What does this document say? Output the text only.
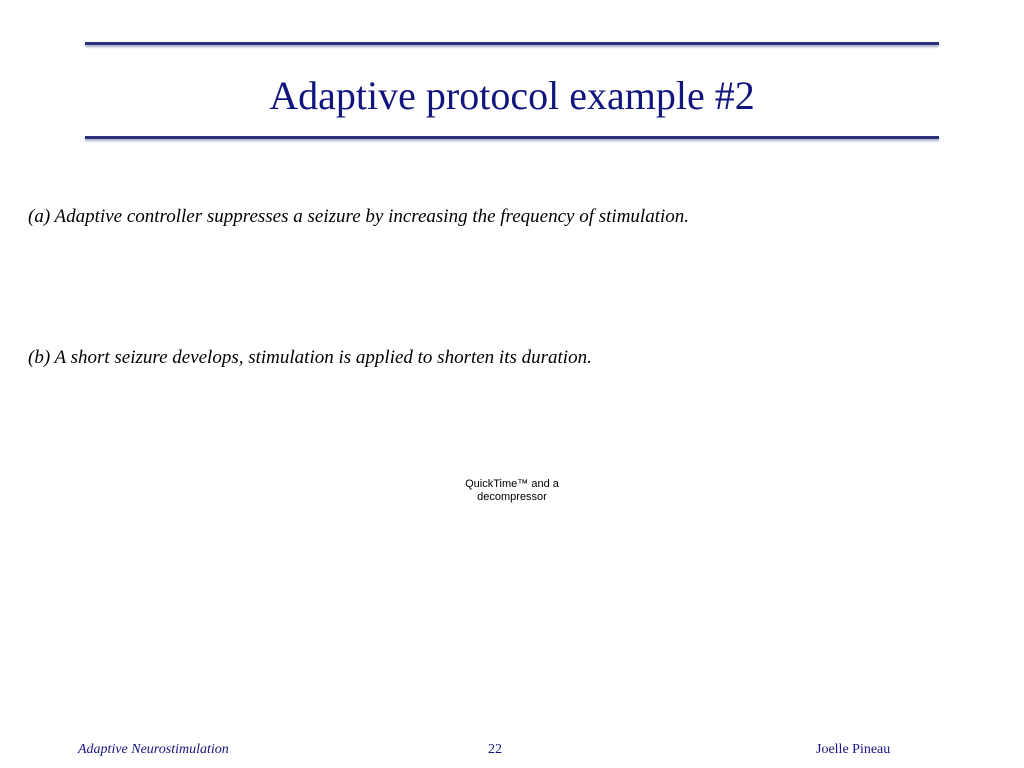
Adaptive protocol example #2
(a) Adaptive controller suppresses a seizure by increasing the frequency of stimulation.
(b) A short seizure develops, stimulation is applied to shorten its duration.
QuickTime™ and a
decompressor
Adaptive Neurostimulation	22	Joelle Pineau
